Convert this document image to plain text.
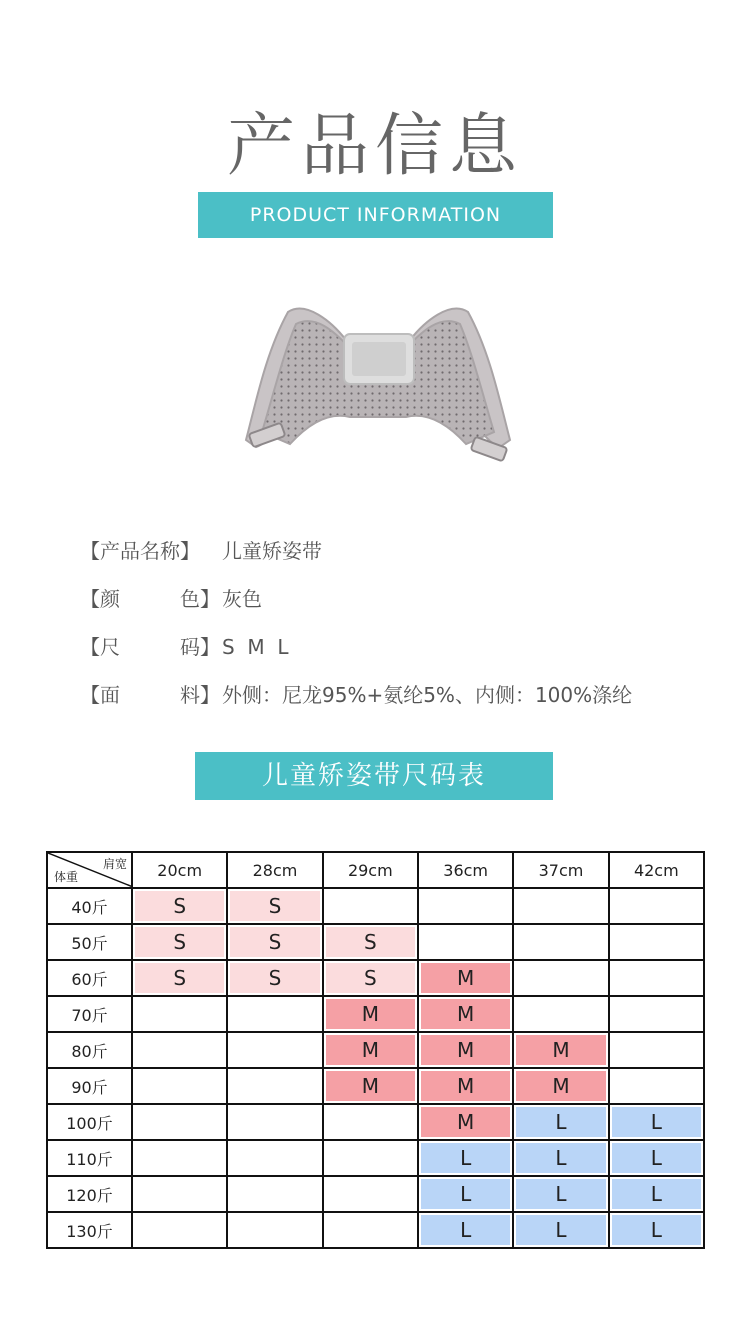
产品信息
PRODUCT INFORMATION
【产品名称】 儿童矫姿带
【颜	色】 灰色
【尺	码】 S  M  L
【面	料】 外侧：尼龙95%+氨纶5%、内侧：100%涤纶
儿童矫姿带尺码表
肩宽
体重	20cm	28cm	29cm	36cm	37cm	42cm
40斤	S	S				

50斤	S	S	S			

60斤	S	S	S	M		

70斤			M	M		

80斤			M	M	M	

90斤			M	M	M	

100斤				M	L	L

110斤				L	L	L

120斤				L	L	L

130斤				L	L	L
